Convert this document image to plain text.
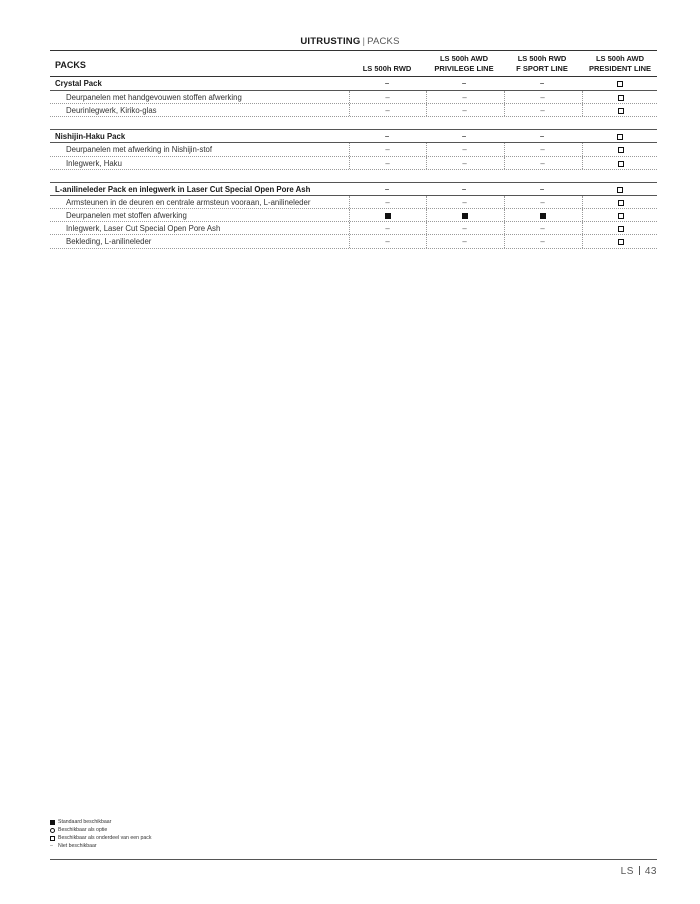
UITRUSTING | PACKS
PACKS
	LS 500h RWD
LS 500h AWD
PRIVILEGE LINE
LS 500h RWD
F SPORT LINE
LS 500h AWD
PRESIDENT LINE
Crystal Pack
–
–
–
Deurpanelen met handgevouwen stoffen afwerking
–
–
–
Deurinlegwerk, Kiriko-glas
–
–
–
Nishijin-Haku Pack
–
–
–
Deurpanelen met afwerking in Nishijin-stof
–
–
–
Inlegwerk, Haku
–
–
–
L-anilineleder Pack en inlegwerk in Laser Cut Special Open Pore Ash
–
–
–
Armsteunen in de deuren en centrale armsteun vooraan, L-anilineleder
–
–
–
Deurpanelen met stoffen afwerking
Inlegwerk, Laser Cut Special Open Pore Ash
–
–
–
Bekleding, L-anilineleder
–
–
–
Standaard beschikbaar
Beschikbaar als optie
Beschikbaar als onderdeel van een pack
–
Niet beschikbaar
LS 43
